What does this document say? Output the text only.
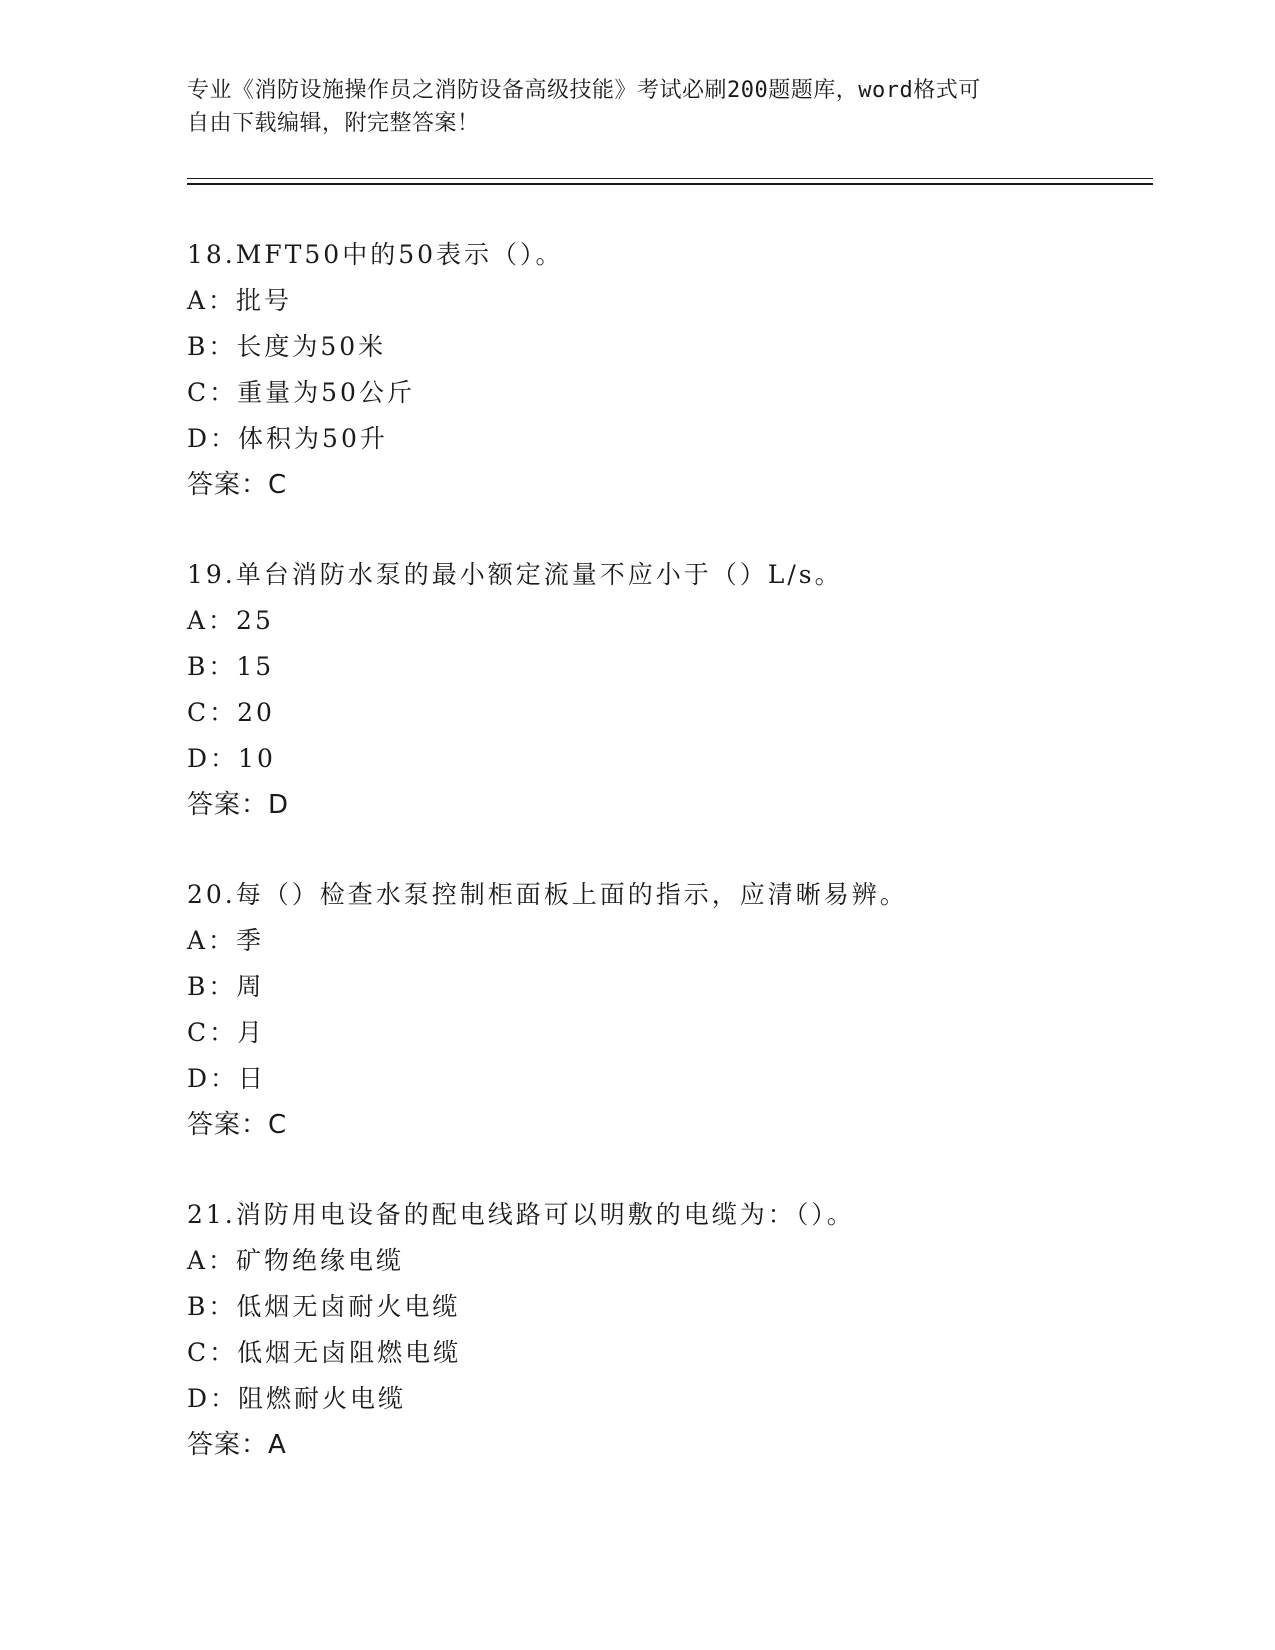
专业《消防设施操作员之消防设备高级技能》考试必刷200题题库，word格式可
自由下载编辑，附完整答案！
18.MFT50中的50表示（）。
A：批号
B：长度为50米
C：重量为50公斤
D：体积为50升
答案：C
19.单台消防水泵的最小额定流量不应小于（）L/s。
A：25
B：15
C：20
D：10
答案：D
20.每（）检查水泵控制柜面板上面的指示，应清晰易辨。
A：季
B：周
C：月
D：日
答案：C
21.消防用电设备的配电线路可以明敷的电缆为：（）。
A：矿物绝缘电缆
B：低烟无卤耐火电缆
C：低烟无卤阻燃电缆
D：阻燃耐火电缆
答案：A
